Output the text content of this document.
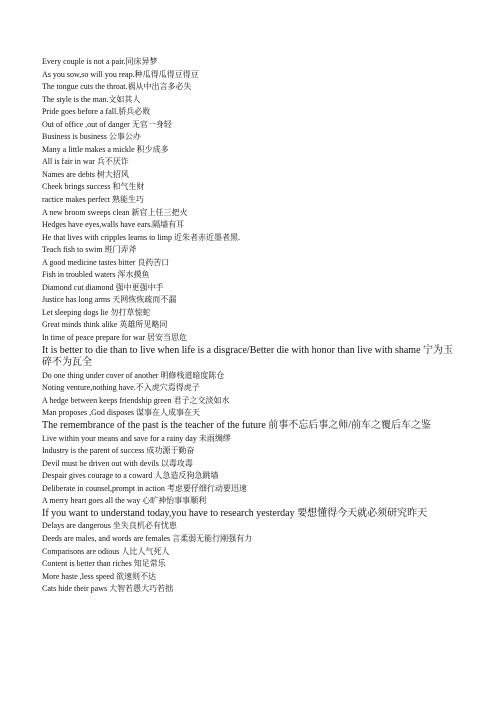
Every couple is not a pair.同床异梦
As you sow,so will you reap.种瓜得瓜得豆得豆
The tongue cuts the throat.祸从中出言多必失
The style is the man.文如其人
Pride goes before a fall.骄兵必败
Out of office ,out of danger 无官一身轻
Business is business 公事公办
Many a little makes a mickle 积少成多
All is fair in war 兵不厌诈
Names are debts 树大招风
Cheek brings success 和气生财
ractice makes perfect 熟能生巧
A new broom sweeps clean 新官上任三把火
Hedges have eyes,walls have ears.隔墙有耳
He that lives with cripples learns to limp 近朱者赤近墨者黑.
Teach fish to swim 班门弄斧
A good medicine tastes bitter 良药苦口
Fish in troubled waters 浑水摸鱼
Diamond cut diamond 强中更强中手
Justice has long arms 天网恢恢疏而不漏
Let sleeping dogs lie 勿打草惊蛇
Great minds think alike 英雄所见略同
In time of peace prepare for war 居安当思危
It is better to die than to live when life is a disgrace/Better die with honor than live with shame 宁为玉碎不为瓦全
Do one thing under cover of another 明修栈道暗度陈仓
Noting venture,nothing have.不入虎穴焉得虎子
A hedge between keeps friendship green 君子之交淡如水
Man proposes ,God disposes 谋事在人成事在天
The remembrance of the past is the teacher of the future 前事不忘后事之师/前车之覆后车之鉴
Live within your means and save for a rainy day 未雨绸缪
Industry is the parent of success 成功源于勤奋
Devil must be driven out with devils 以毒攻毒
Despair gives courage to a coward 人急造反狗急跳墙
Deliberate in counsel,prompt in action 考虑要仔细行动要迅速
A merry heart goes all the way 心旷神怡事事顺利
If you want to understand today,you have to research yesterday 要想懂得今天就必须研究昨天
Delays are dangerous 坐失良机必有忧患
Deeds are males, and words are females 言柔弱无能行刚强有力
Comparisons are odious 人比人气死人
Content is better than riches 知足常乐
More haste ,less speed 欲速则不达
Cats hide their paws 大智若愚大巧若拙
